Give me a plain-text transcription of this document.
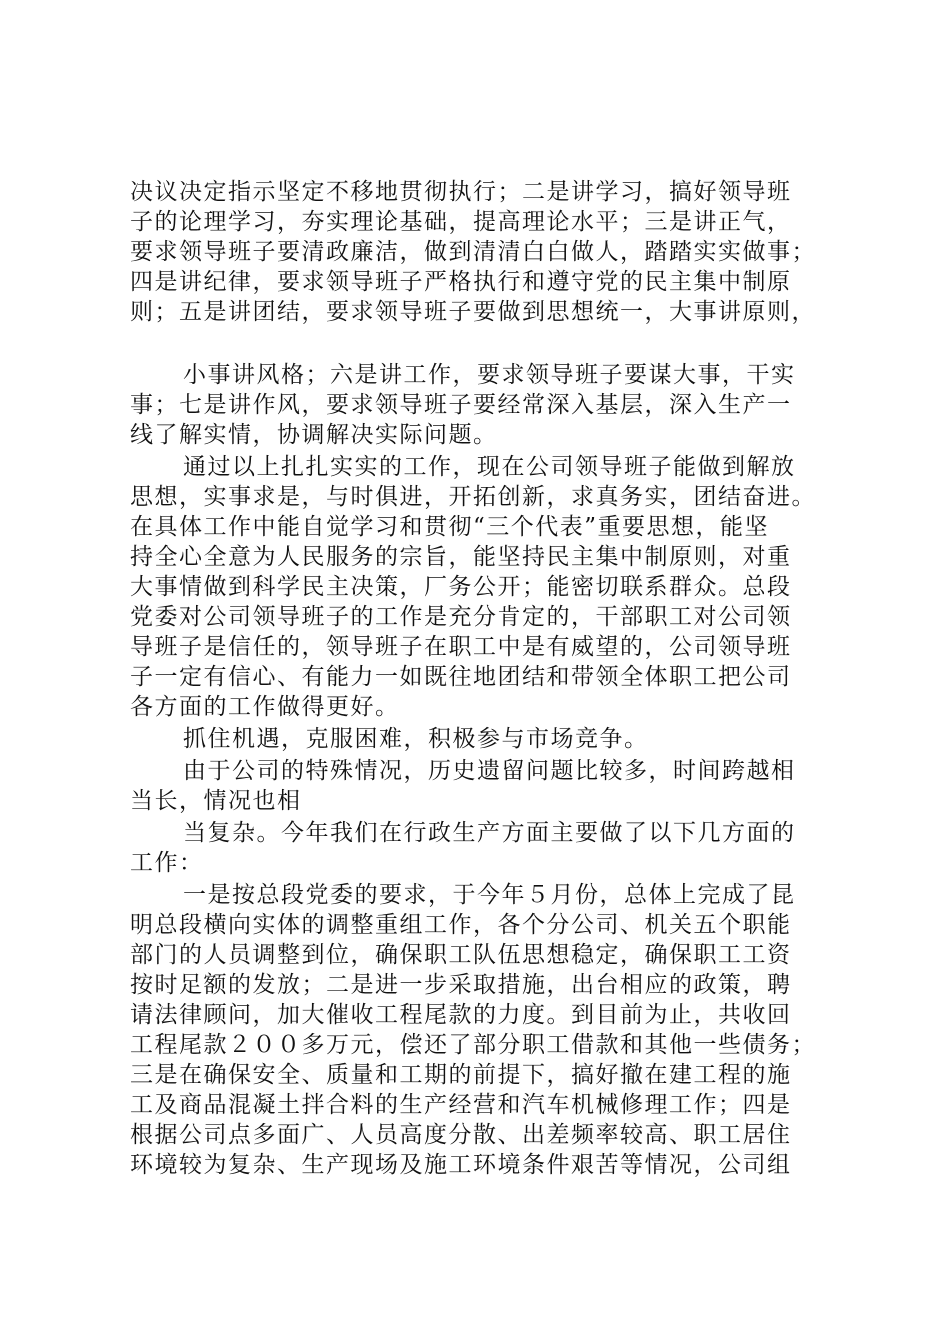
决议决定指示坚定不移地贯彻执行；二是讲学习，搞好领导班
子的论理学习，夯实理论基础，提高理论水平；三是讲正气，
要求领导班子要清政廉洁，做到清清白白做人，踏踏实实做事；
四是讲纪律，要求领导班子严格执行和遵守党的民主集中制原
则；五是讲团结，要求领导班子要做到思想统一，大事讲原则，
小事讲风格；六是讲工作，要求领导班子要谋大事，干实
事；七是讲作风，要求领导班子要经常深入基层，深入生产一
线了解实情，协调解决实际问题。
通过以上扎扎实实的工作，现在公司领导班子能做到解放
思想，实事求是，与时俱进，开拓创新，求真务实，团结奋进。
在具体工作中能自觉学习和贯彻“三个代表”重要思想，能坚
持全心全意为人民服务的宗旨，能坚持民主集中制原则，对重
大事情做到科学民主决策，厂务公开；能密切联系群众。总段
党委对公司领导班子的工作是充分肯定的，干部职工对公司领
导班子是信任的，领导班子在职工中是有威望的，公司领导班
子一定有信心、有能力一如既往地团结和带领全体职工把公司
各方面的工作做得更好。
抓住机遇，克服困难，积极参与市场竞争。
由于公司的特殊情况，历史遗留问题比较多，时间跨越相
当长，情况也相
当复杂。今年我们在行政生产方面主要做了以下几方面的
工作：
一是按总段党委的要求，于今年５月份，总体上完成了昆
明总段横向实体的调整重组工作，各个分公司、机关五个职能
部门的人员调整到位，确保职工队伍思想稳定，确保职工工资
按时足额的发放；二是进一步采取措施，出台相应的政策，聘
请法律顾问，加大催收工程尾款的力度。到目前为止，共收回
工程尾款２００多万元，偿还了部分职工借款和其他一些债务；
三是在确保安全、质量和工期的前提下，搞好撤在建工程的施
工及商品混凝土拌合料的生产经营和汽车机械修理工作；四是
根据公司点多面广、人员高度分散、出差频率较高、职工居住
环境较为复杂、生产现场及施工环境条件艰苦等情况，公司组
